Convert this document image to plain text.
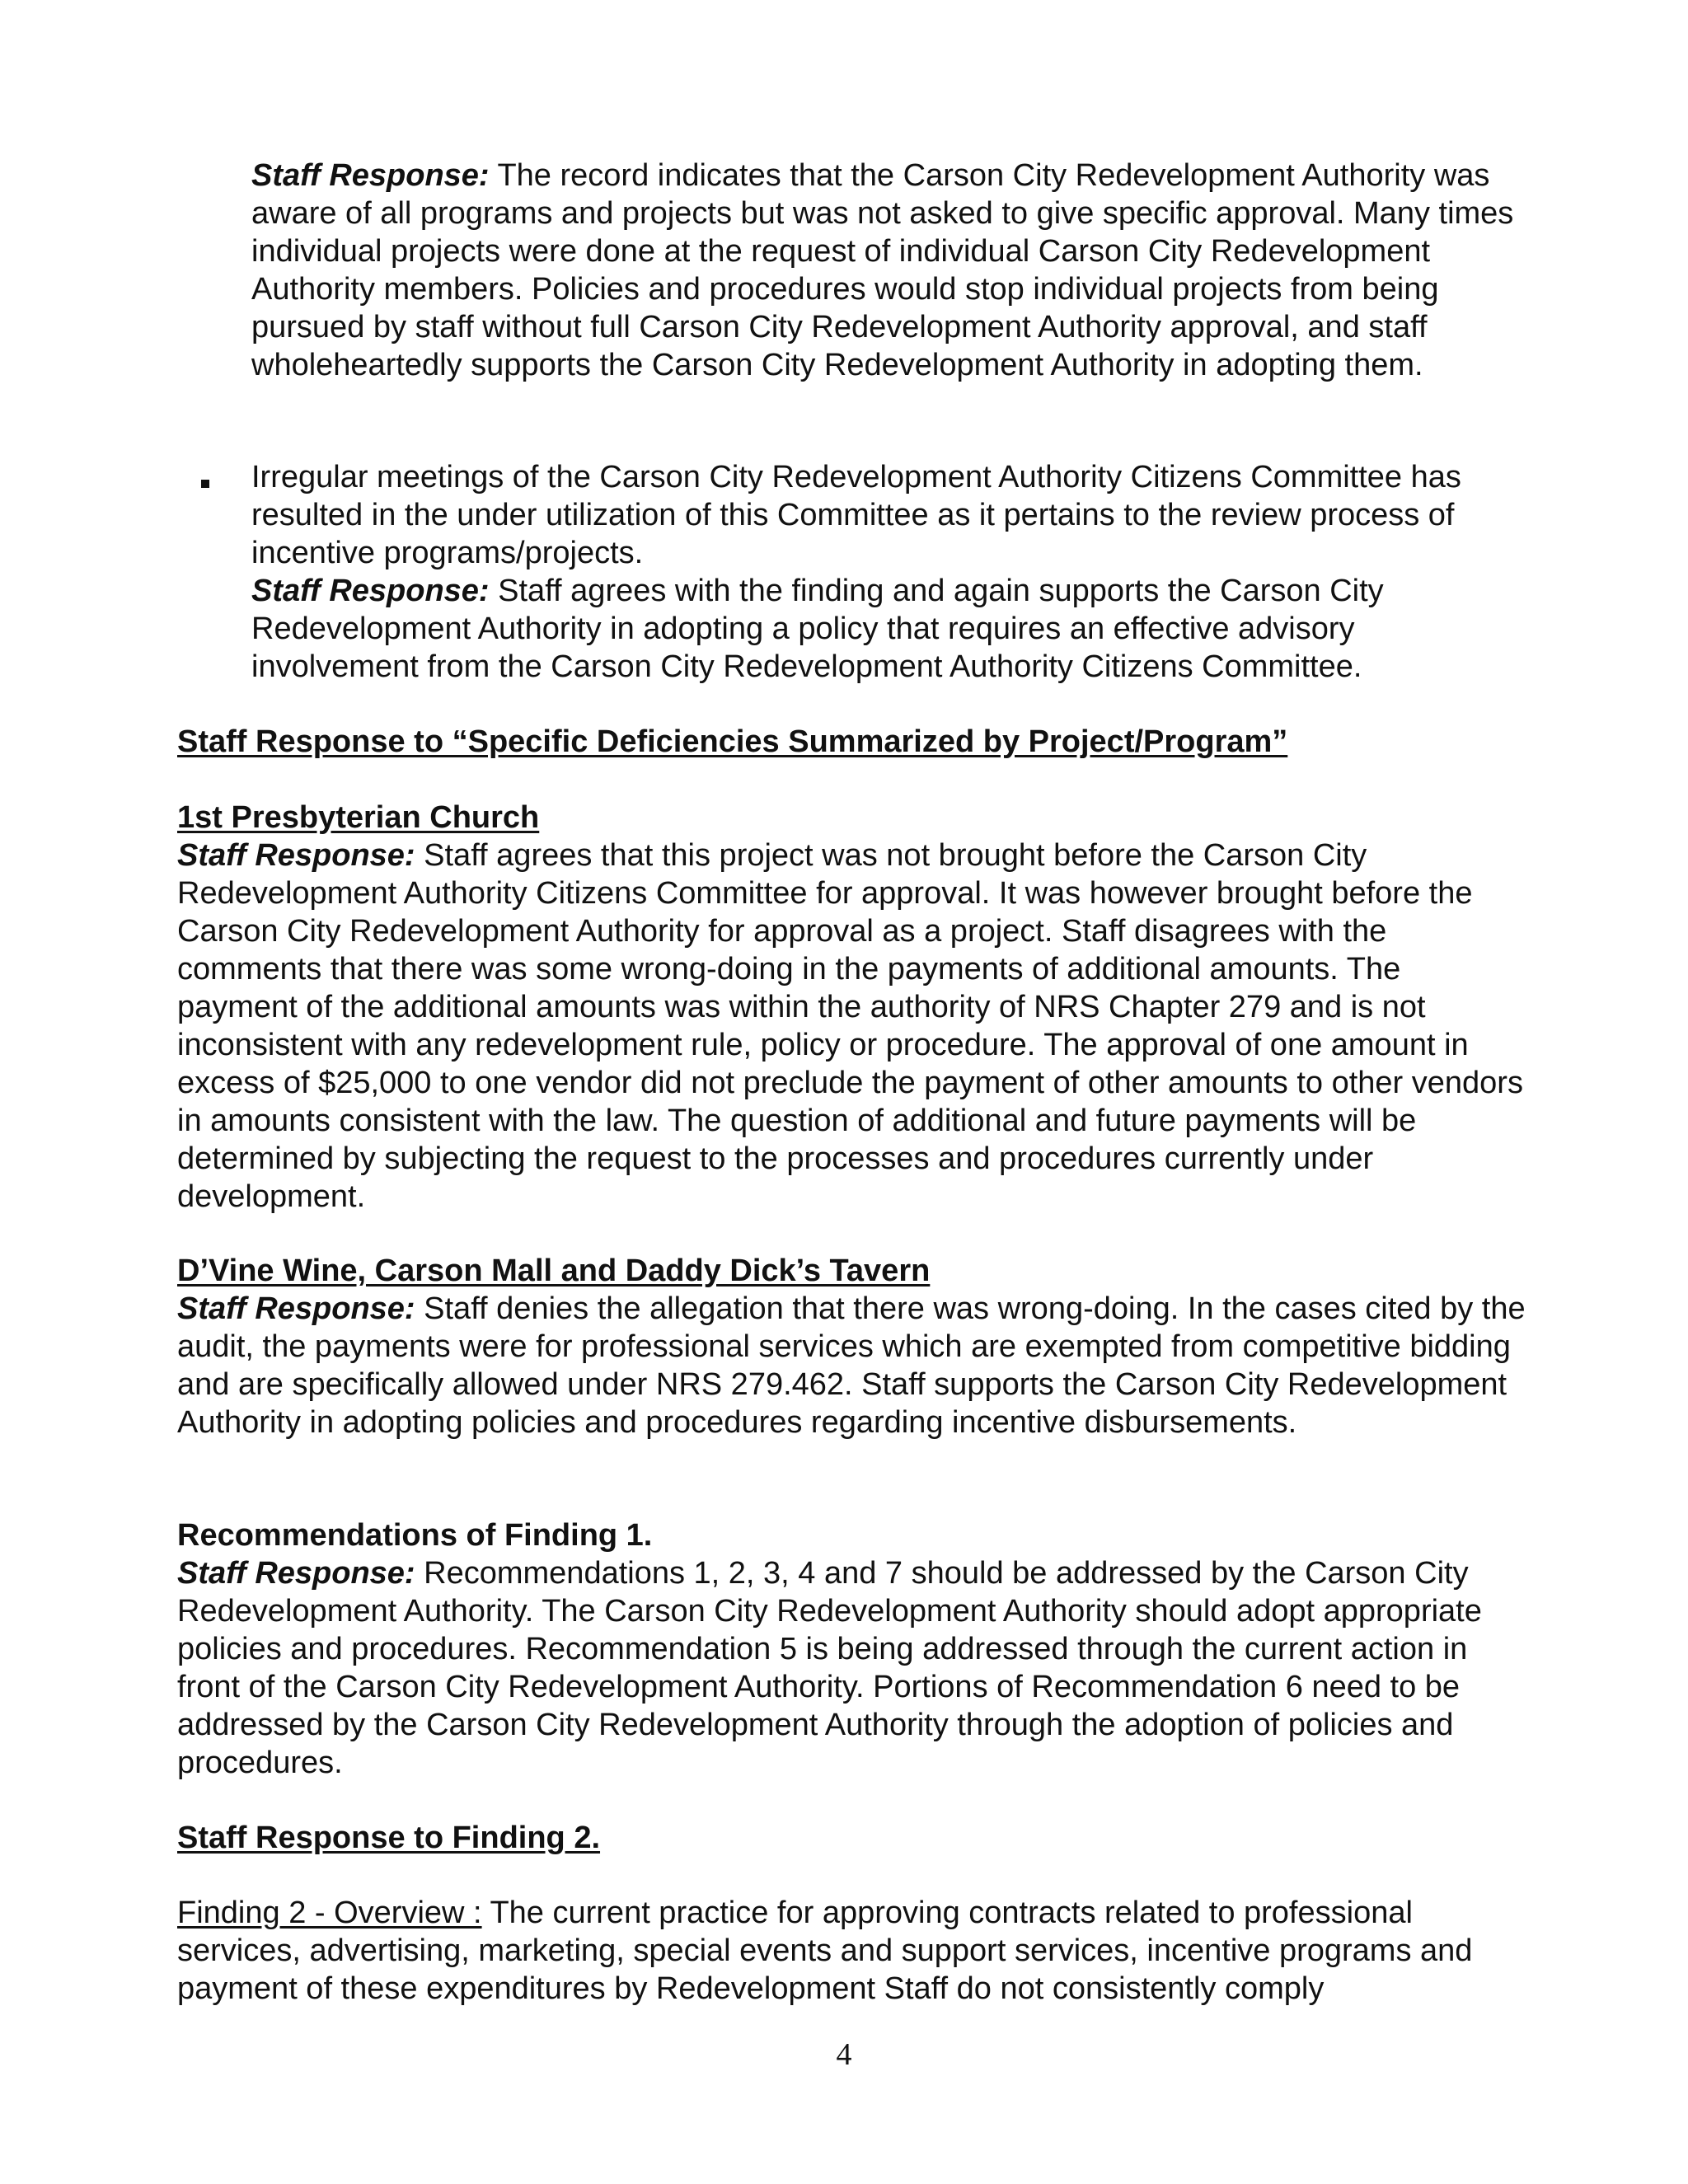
Staff Response: The record indicates that the Carson City Redevelopment Authority was aware of all programs and projects but was not asked to give specific approval. Many times individual projects were done at the request of individual Carson City Redevelopment Authority members. Policies and procedures would stop individual projects from being pursued by staff without full Carson City Redevelopment Authority approval, and staff wholeheartedly supports the Carson City Redevelopment Authority in adopting them.

Irregular meetings of the Carson City Redevelopment Authority Citizens Committee has resulted in the under utilization of this Committee as it pertains to the review process of incentive programs/projects.
Staff Response: Staff agrees with the finding and again supports the Carson City Redevelopment Authority in adopting a policy that requires an effective advisory involvement from the Carson City Redevelopment Authority Citizens Committee.
Staff Response to “Specific Deficiencies Summarized by Project/Program”
1st Presbyterian Church
Staff Response: Staff agrees that this project was not brought before the Carson City Redevelopment Authority Citizens Committee for approval. It was however brought before the Carson City Redevelopment Authority for approval as a project. Staff disagrees with the comments that there was some wrong-doing in the payments of additional amounts. The payment of the additional amounts was within the authority of NRS Chapter 279 and is not inconsistent with any redevelopment rule, policy or procedure. The approval of one amount in excess of $25,000 to one vendor did not preclude the payment of other amounts to other vendors in amounts consistent with the law. The question of additional and future payments will be determined by subjecting the request to the processes and procedures currently under development.
D’Vine Wine, Carson Mall and Daddy Dick’s Tavern
Staff Response: Staff denies the allegation that there was wrong-doing. In the cases cited by the audit, the payments were for professional services which are exempted from competitive bidding and are specifically allowed under NRS 279.462. Staff supports the Carson City Redevelopment Authority in adopting policies and procedures regarding incentive disbursements.
Recommendations of Finding 1.
Staff Response: Recommendations 1, 2, 3, 4 and 7 should be addressed by the Carson City Redevelopment Authority. The Carson City Redevelopment Authority should adopt appropriate policies and procedures. Recommendation 5 is being addressed through the current action in front of the Carson City Redevelopment Authority. Portions of Recommendation 6 need to be addressed by the Carson City Redevelopment Authority through the adoption of policies and procedures.
Staff Response to Finding 2.

Finding 2 - Overview : The current practice for approving contracts related to professional services, advertising, marketing, special events and support services, incentive programs and payment of these expenditures by Redevelopment Staff do not consistently comply

4
